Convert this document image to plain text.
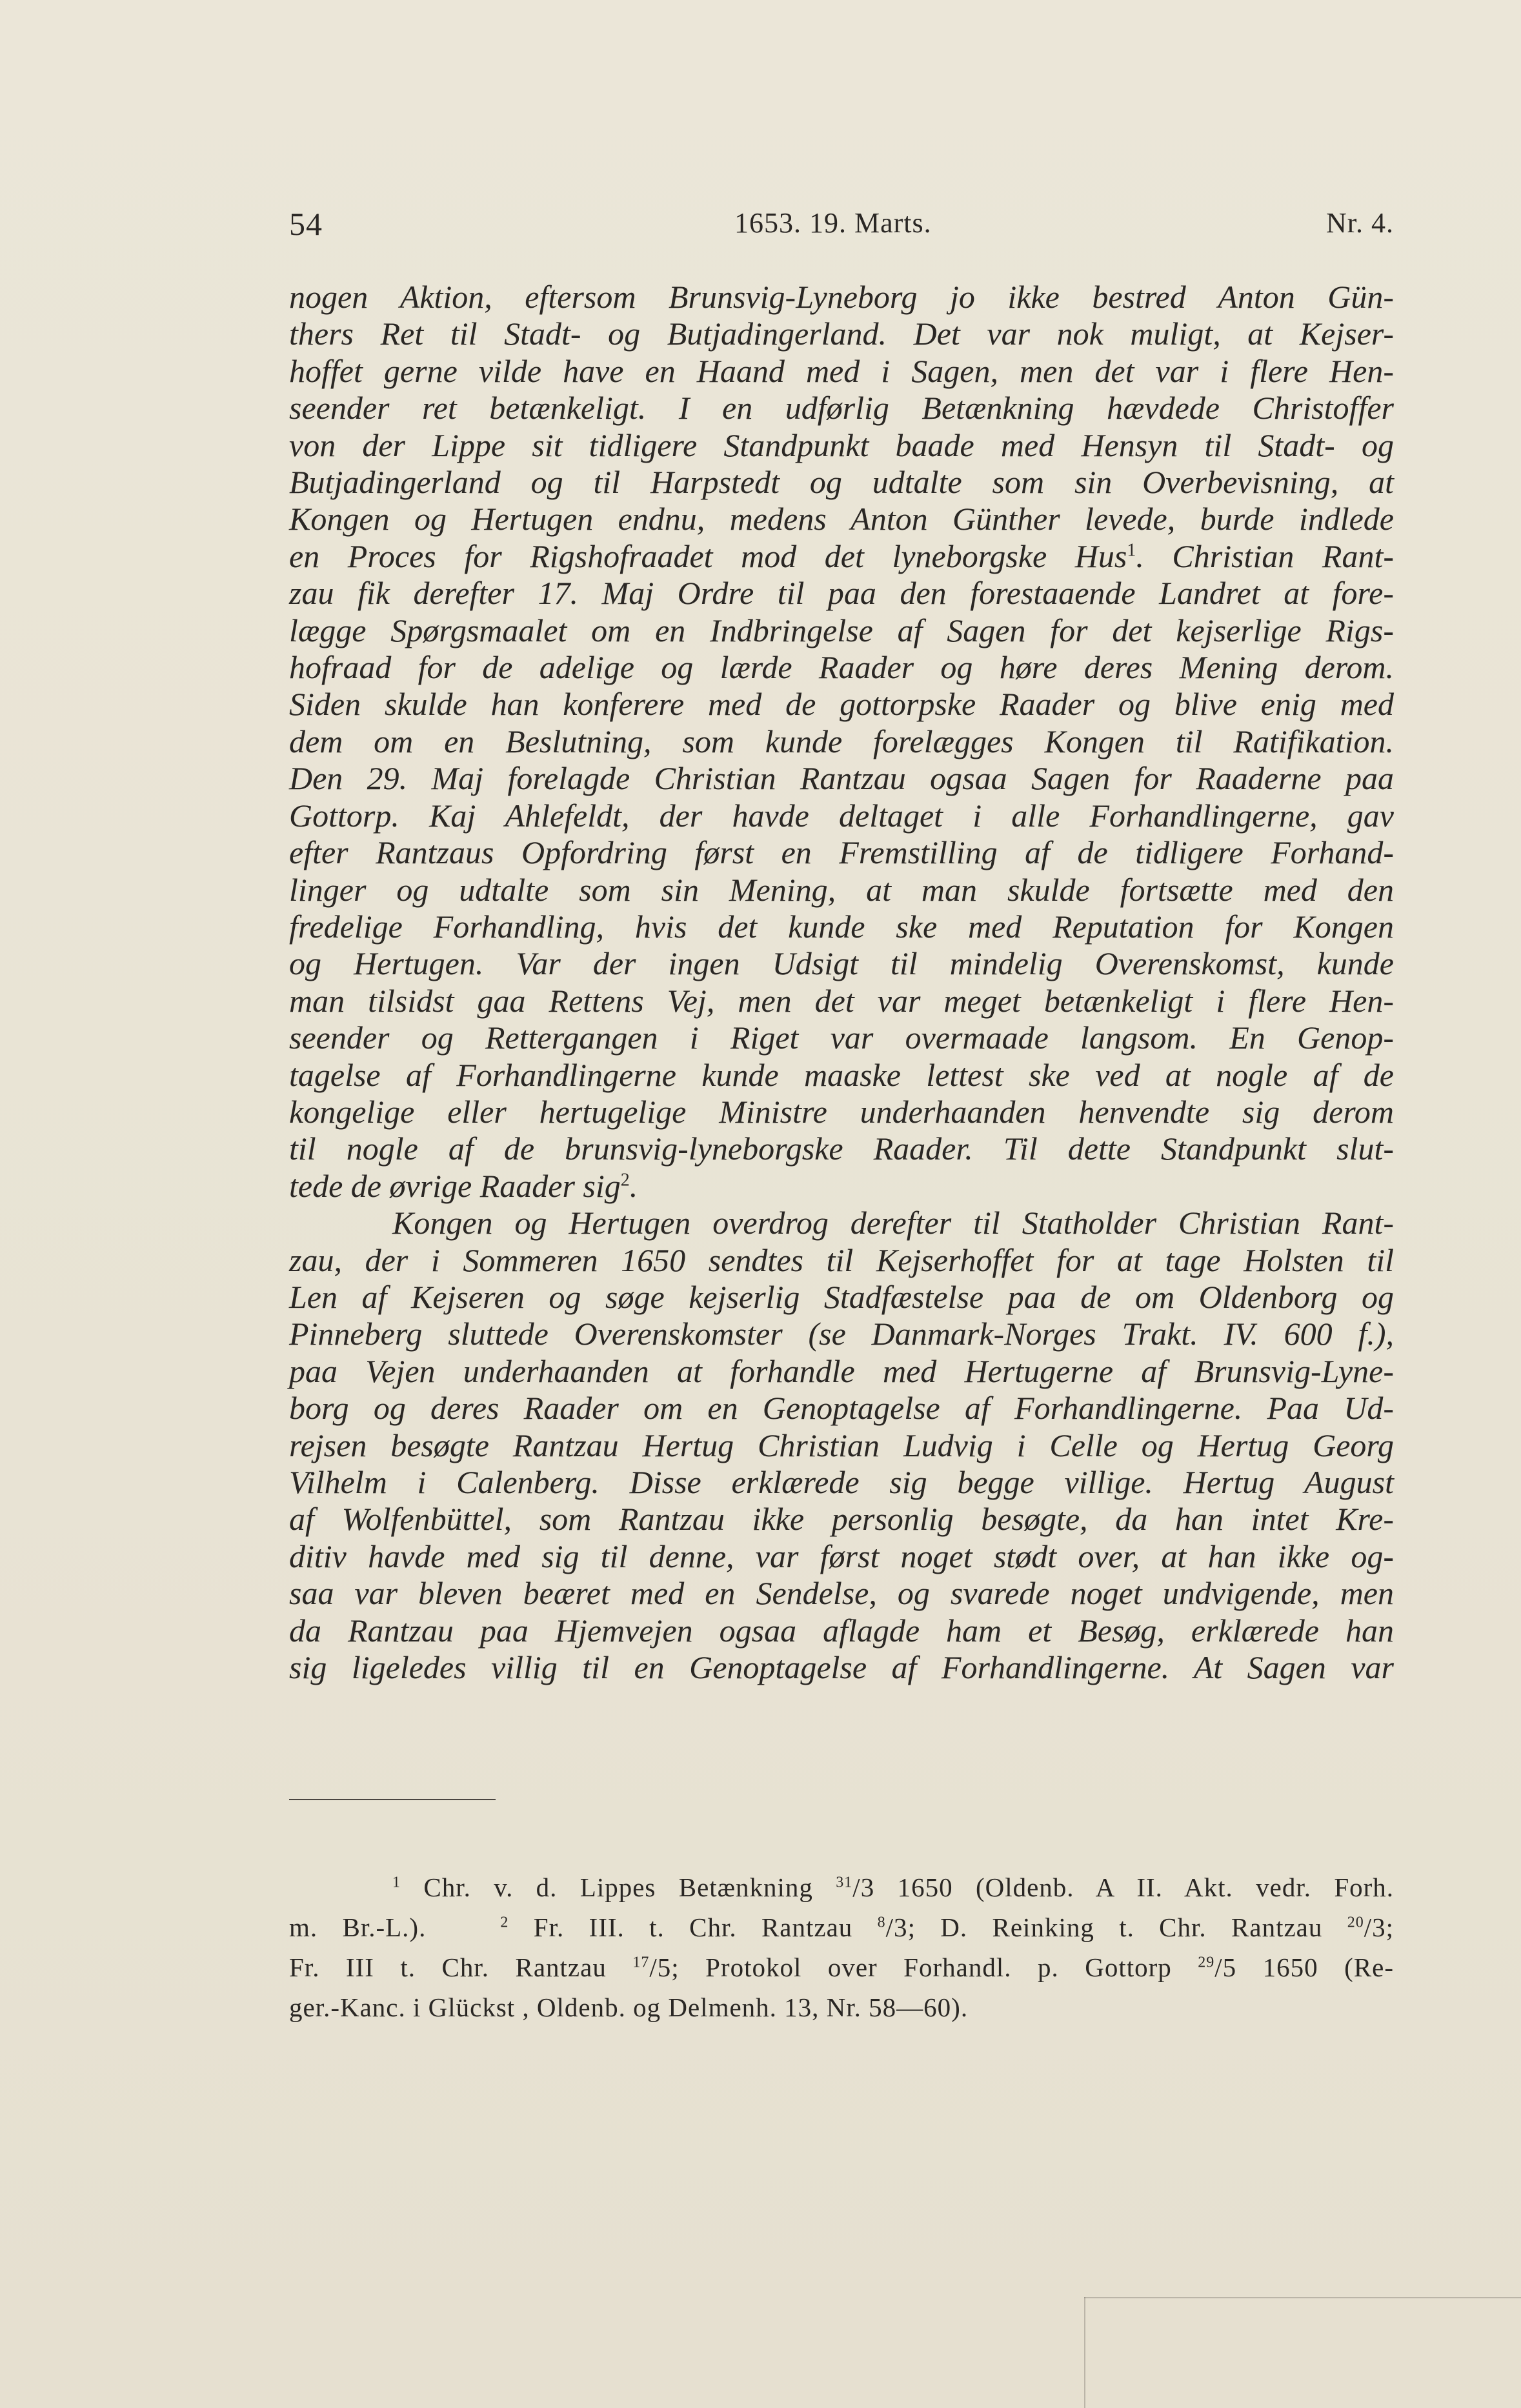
54	1653. 19. Marts.	Nr. 4.
nogen Aktion, eftersom Brunsvig-Lyneborg jo ikke bestred Anton Gün-
thers Ret til Stadt- og Butjadingerland. Det var nok muligt, at Kejser-
hoffet gerne vilde have en Haand med i Sagen, men det var i flere Hen-
seender ret betænkeligt. I en udførlig Betænkning hævdede Christoffer
von der Lippe sit tidligere Standpunkt baade med Hensyn til Stadt- og
Butjadingerland og til Harpstedt og udtalte som sin Overbevisning, at
Kongen og Hertugen endnu, medens Anton Günther levede, burde indlede
en Proces for Rigshofraadet mod det lyneborgske Hus$^1$. Christian Rant-
zau fik derefter 17. Maj Ordre til paa den forestaaende Landret at fore-
lægge Spørgsmaalet om en Indbringelse af Sagen for det kejserlige Rigs-
hofraad for de adelige og lærde Raader og høre deres Mening derom.
Siden skulde han konferere med de gottorpske Raader og blive enig med
dem om en Beslutning, som kunde forelægges Kongen til Ratifikation.
Den 29. Maj forelagde Christian Rantzau ogsaa Sagen for Raaderne paa
Gottorp. Kaj Ahlefeldt, der havde deltaget i alle Forhandlingerne, gav
efter Rantzaus Opfordring først en Fremstilling af de tidligere Forhand-
linger og udtalte som sin Mening, at man skulde fortsætte med den
fredelige Forhandling, hvis det kunde ske med Reputation for Kongen
og Hertugen. Var der ingen Udsigt til mindelig Overenskomst, kunde
man tilsidst gaa Rettens Vej, men det var meget betænkeligt i flere Hen-
seender og Rettergangen i Riget var overmaade langsom. En Genop-
tagelse af Forhandlingerne kunde maaske lettest ske ved at nogle af de
kongelige eller hertugelige Ministre underhaanden henvendte sig derom
til nogle af de brunsvig-lyneborgske Raader. Til dette Standpunkt slut-
tede de øvrige Raader sig$^2$.
Kongen og Hertugen overdrog derefter til Statholder Christian Rant-
zau, der i Sommeren 1650 sendtes til Kejserhoffet for at tage Holsten til
Len af Kejseren og søge kejserlig Stadfæstelse paa de om Oldenborg og
Pinneberg sluttede Overenskomster (se Danmark-Norges Trakt. IV. 600 f.),
paa Vejen underhaanden at forhandle med Hertugerne af Brunsvig-Lyne-
borg og deres Raader om en Genoptagelse af Forhandlingerne. Paa Ud-
rejsen besøgte Rantzau Hertug Christian Ludvig i Celle og Hertug Georg
Vilhelm i Calenberg. Disse erklærede sig begge villige. Hertug August
af Wolfenbüttel, som Rantzau ikke personlig besøgte, da han intet Kre-
ditiv havde med sig til denne, var først noget stødt over, at han ikke og-
saa var bleven beæret med en Sendelse, og svarede noget undvigende, men
da Rantzau paa Hjemvejen ogsaa aflagde ham et Besøg, erklærede han
sig ligeledes villig til en Genoptagelse af Forhandlingerne. At Sagen var
$^1$ Chr. v. d. Lippes Betænkning $^{31}$/3 1650 (Oldenb. A II. Akt. vedr. Forh.
m. Br.-L.).	$^2$ Fr. III. t. Chr. Rantzau $^8$/3; D. Reinking t. Chr. Rantzau $^{20}$/3;
Fr. III t. Chr. Rantzau $^{17}$/5; Protokol over Forhandl. p. Gottorp $^{29}$/5 1650 (Re-
ger.-Kanc. i Glückst , Oldenb. og Delmenh. 13, Nr. 58—60).
